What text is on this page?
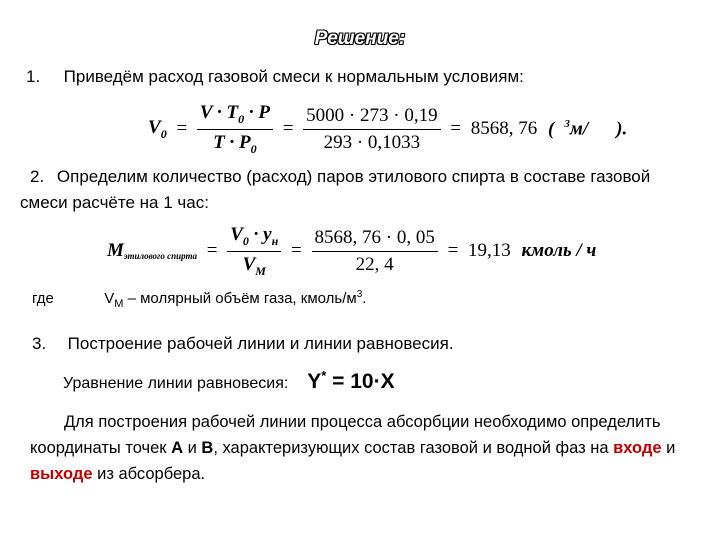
Решение:
1. Приведём расход газовой смеси к нормальным условиям:
$V_0 = \frac{V \cdot T_0 \cdot P}{T \cdot P_0} = \frac{5000 \cdot 273 \cdot 0,19}{293 \cdot 0,1033} = 8568$, 76 ( $^3$м/ ).
2. Определим количество (расход) паров этилового спирта в составе газовой смеси расчёте на 1 час:
Mэтилового спирта = $\frac{V_0 \cdot y_н}{V_M} = \frac{8568, 76 \cdot 0, 05}{22, 4} = 19,13$ кмоль / ч
где	$V_M$ – молярный объём газа, кмоль/$м^3$.
3. Построение рабочей линии и линии равновесия.
Уравнение линии равновесия: Y* = 10·X
Для построения рабочей линии процесса абсорбции необходимо определить координаты точек А и В, характеризующих состав газовой и водной фаз на входе и выходе из абсорбера.
